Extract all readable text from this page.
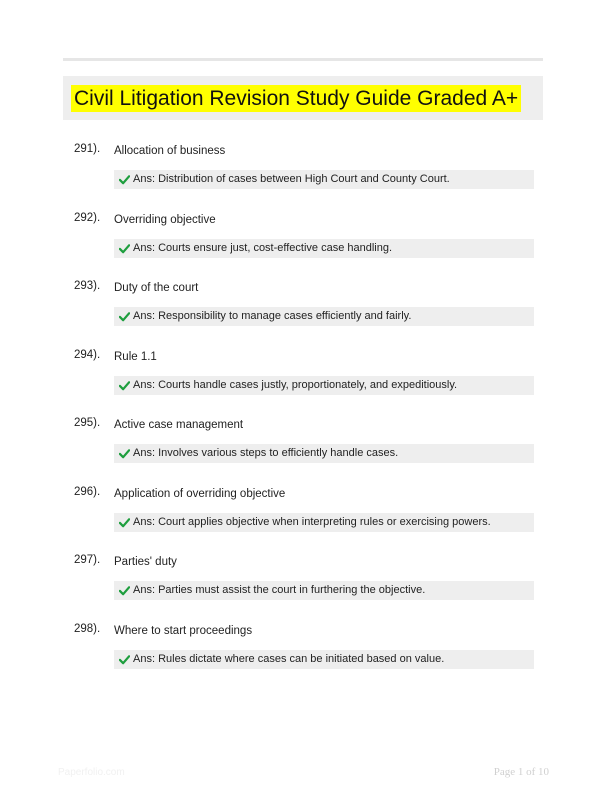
Civil Litigation Revision Study Guide Graded A+
291). Allocation of business
Ans: Distribution of cases between High Court and County Court.
292). Overriding objective
Ans: Courts ensure just, cost-effective case handling.
293). Duty of the court
Ans: Responsibility to manage cases efficiently and fairly.
294). Rule 1.1
Ans: Courts handle cases justly, proportionately, and expeditiously.
295). Active case management
Ans: Involves various steps to efficiently handle cases.
296). Application of overriding objective
Ans: Court applies objective when interpreting rules or exercising powers.
297). Parties' duty
Ans: Parties must assist the court in furthering the objective.
298). Where to start proceedings
Ans: Rules dictate where cases can be initiated based on value.
Paperfolio.com	Page 1 of 10
